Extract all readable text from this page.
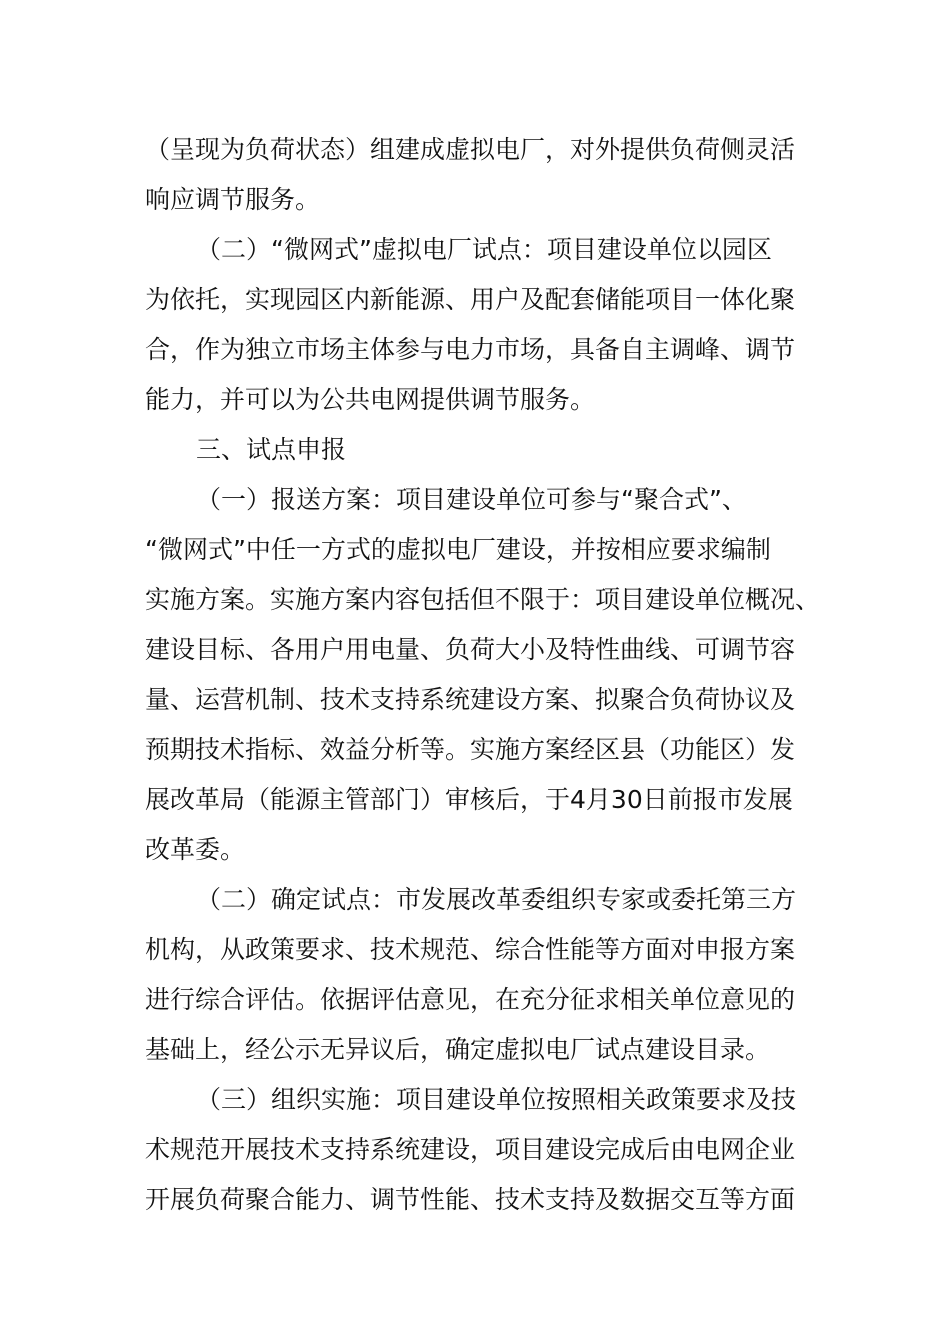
（呈现为负荷状态）组建成虚拟电厂，对外提供负荷侧灵活
响应调节服务。
（二）“微网式”虚拟电厂试点：项目建设单位以园区
为依托，实现园区内新能源、用户及配套储能项目一体化聚
合，作为独立市场主体参与电力市场，具备自主调峰、调节
能力，并可以为公共电网提供调节服务。
三、试点申报
（一）报送方案：项目建设单位可参与“聚合式”、
“微网式”中任一方式的虚拟电厂建设，并按相应要求编制
实施方案。实施方案内容包括但不限于：项目建设单位概况、
建设目标、各用户用电量、负荷大小及特性曲线、可调节容
量、运营机制、技术支持系统建设方案、拟聚合负荷协议及
预期技术指标、效益分析等。实施方案经区县（功能区）发
展改革局（能源主管部门）审核后，于4月30日前报市发展
改革委。
（二）确定试点：市发展改革委组织专家或委托第三方
机构，从政策要求、技术规范、综合性能等方面对申报方案
进行综合评估。依据评估意见，在充分征求相关单位意见的
基础上，经公示无异议后，确定虚拟电厂试点建设目录。
（三）组织实施：项目建设单位按照相关政策要求及技
术规范开展技术支持系统建设，项目建设完成后由电网企业
开展负荷聚合能力、调节性能、技术支持及数据交互等方面
